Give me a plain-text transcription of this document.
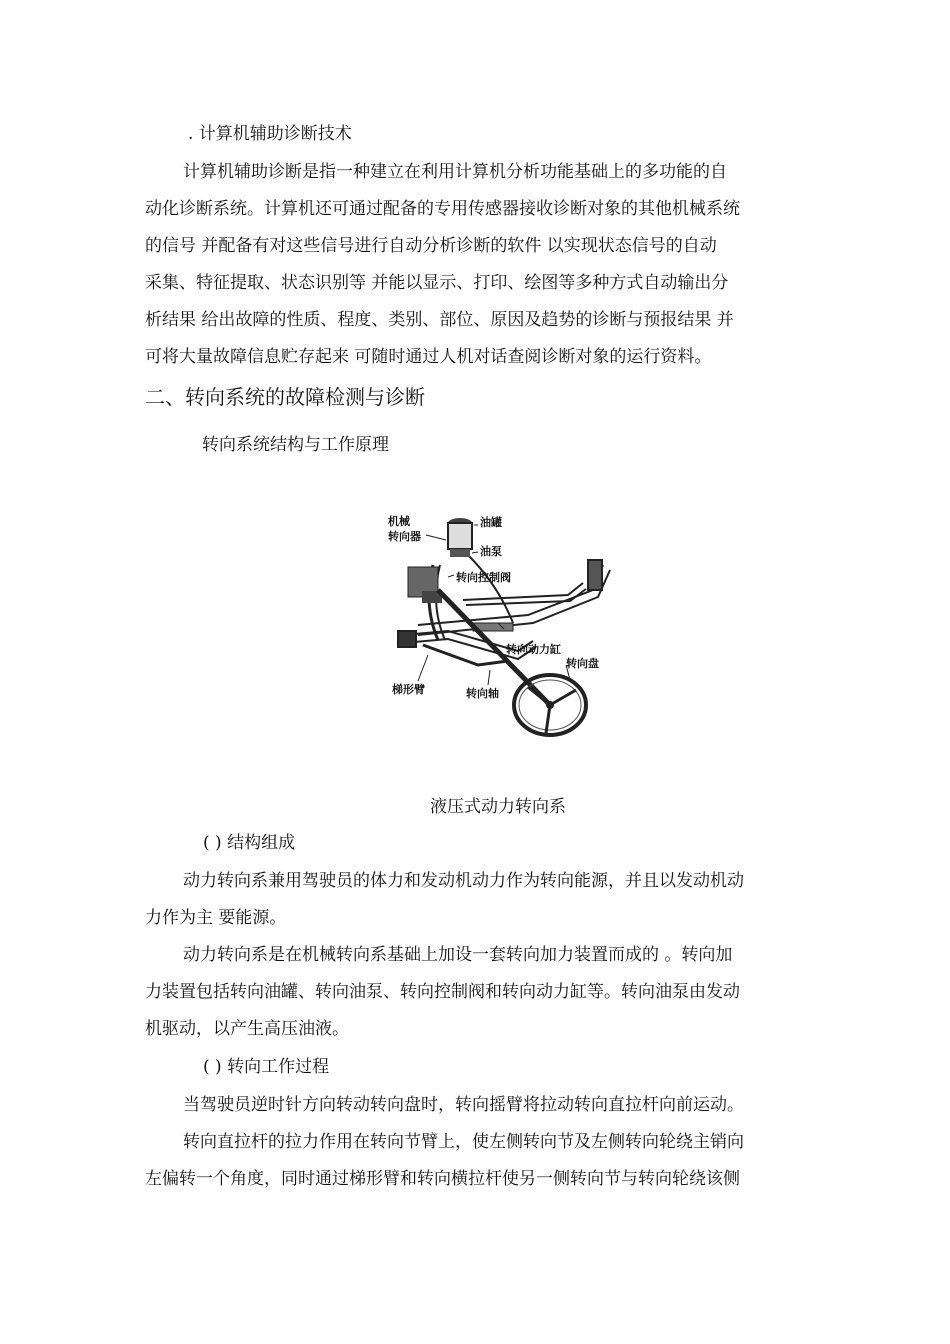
. 计算机辅助诊断技术
计算机辅助诊断是指一种建立在利用计算机分析功能基础上的多功能的自
动化诊断系统。计算机还可通过配备的专用传感器接收诊断对象的其他机械系统
的信号 并配备有对这些信号进行自动分析诊断的软件 以实现状态信号的自动
采集、特征提取、状态识别等 并能以显示、打印、绘图等多种方式自动输出分
析结果 给出故障的性质、程度、类别、部位、原因及趋势的诊断与预报结果 并
可将大量故障信息贮存起来 可随时通过人机对话查阅诊断对象的运行资料。
二、转向系统的故障检测与诊断
转向系统结构与工作原理
机械
转向器
油罐
油泵
转向控制阀
转向动力缸
转向盘
梯形臂	转向轴
液压式动力转向系
( ) 结构组成
动力转向系兼用驾驶员的体力和发动机动力作为转向能源，并且以发动机动
力作为主 要能源。
动力转向系是在机械转向系基础上加设一套转向加力装置而成的 。转向加
力装置包括转向油罐、转向油泵、转向控制阀和转向动力缸等。转向油泵由发动
机驱动，以产生高压油液。
( ) 转向工作过程
当驾驶员逆时针方向转动转向盘时，转向摇臂将拉动转向直拉杆向前运动。
转向直拉杆的拉力作用在转向节臂上，使左侧转向节及左侧转向轮绕主销向
左偏转一个角度，同时通过梯形臂和转向横拉杆使另一侧转向节与转向轮绕该侧
